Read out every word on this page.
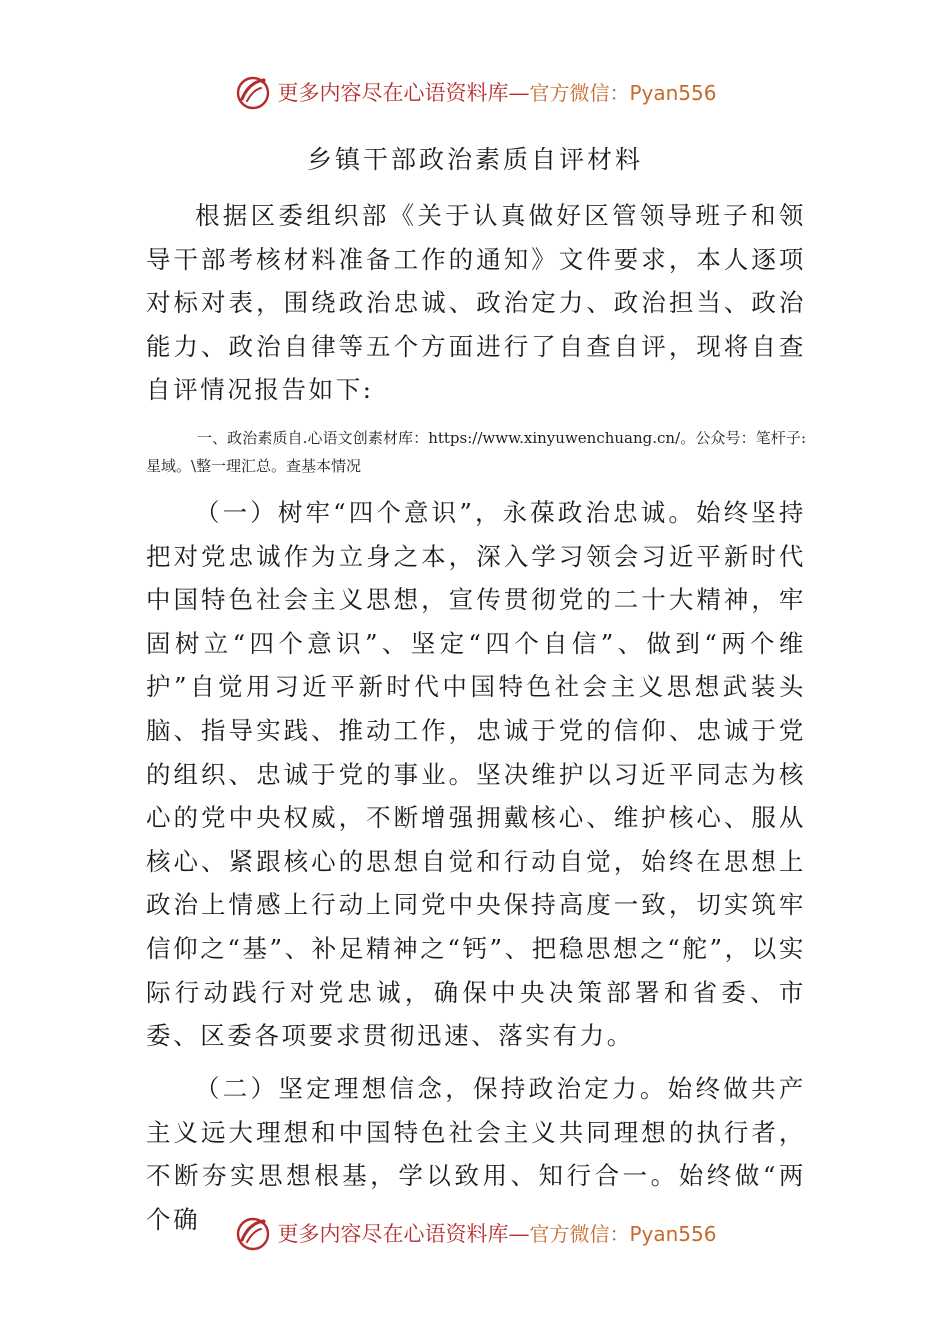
更多内容尽在心语资料库— 官方微信：Pyan556
乡镇干部政治素质自评材料

根据区委组织部《关于认真做好区管领导班子和领导干部考核材料准备工作的通知》文件要求，本人逐项对标对表，围绕政治忠诚、政治定力、政治担当、政治能力、政治自律等五个方面进行了自查自评，现将自查自评情况报告如下:

一、政治素质自.心语文创素材库：https://www.xinyuwenchuang.cn/。公众号：笔杆子:星域。\整一理汇总。查基本情况

（一）树牢“四个意识”，永葆政治忠诚。始终坚持把对党忠诚作为立身之本，深入学习领会习近平新时代中国特色社会主义思想，宣传贯彻党的二十大精神，牢固树立“四个意识”、坚定“四个自信”、做到“两个维护”自觉用习近平新时代中国特色社会主义思想武装头脑、指导实践、推动工作，忠诚于党的信仰、忠诚于党的组织、忠诚于党的事业。坚决维护以习近平同志为核心的党中央权威，不断增强拥戴核心、维护核心、服从核心、紧跟核心的思想自觉和行动自觉，始终在思想上政治上情感上行动上同党中央保持高度一致，切实筑牢信仰之“基”、补足精神之“钙”、把稳思想之“舵”，以实际行动践行对党忠诚，确保中央决策部署和省委、市委、区委各项要求贯彻迅速、落实有力。

（二）坚定理想信念，保持政治定力。始终做共产主义远大理想和中国特色社会主义共同理想的执行者，不断夯实思想根基，学以致用、知行合一。始终做“两个确

更多内容尽在心语资料库— 官方微信：Pyan556
